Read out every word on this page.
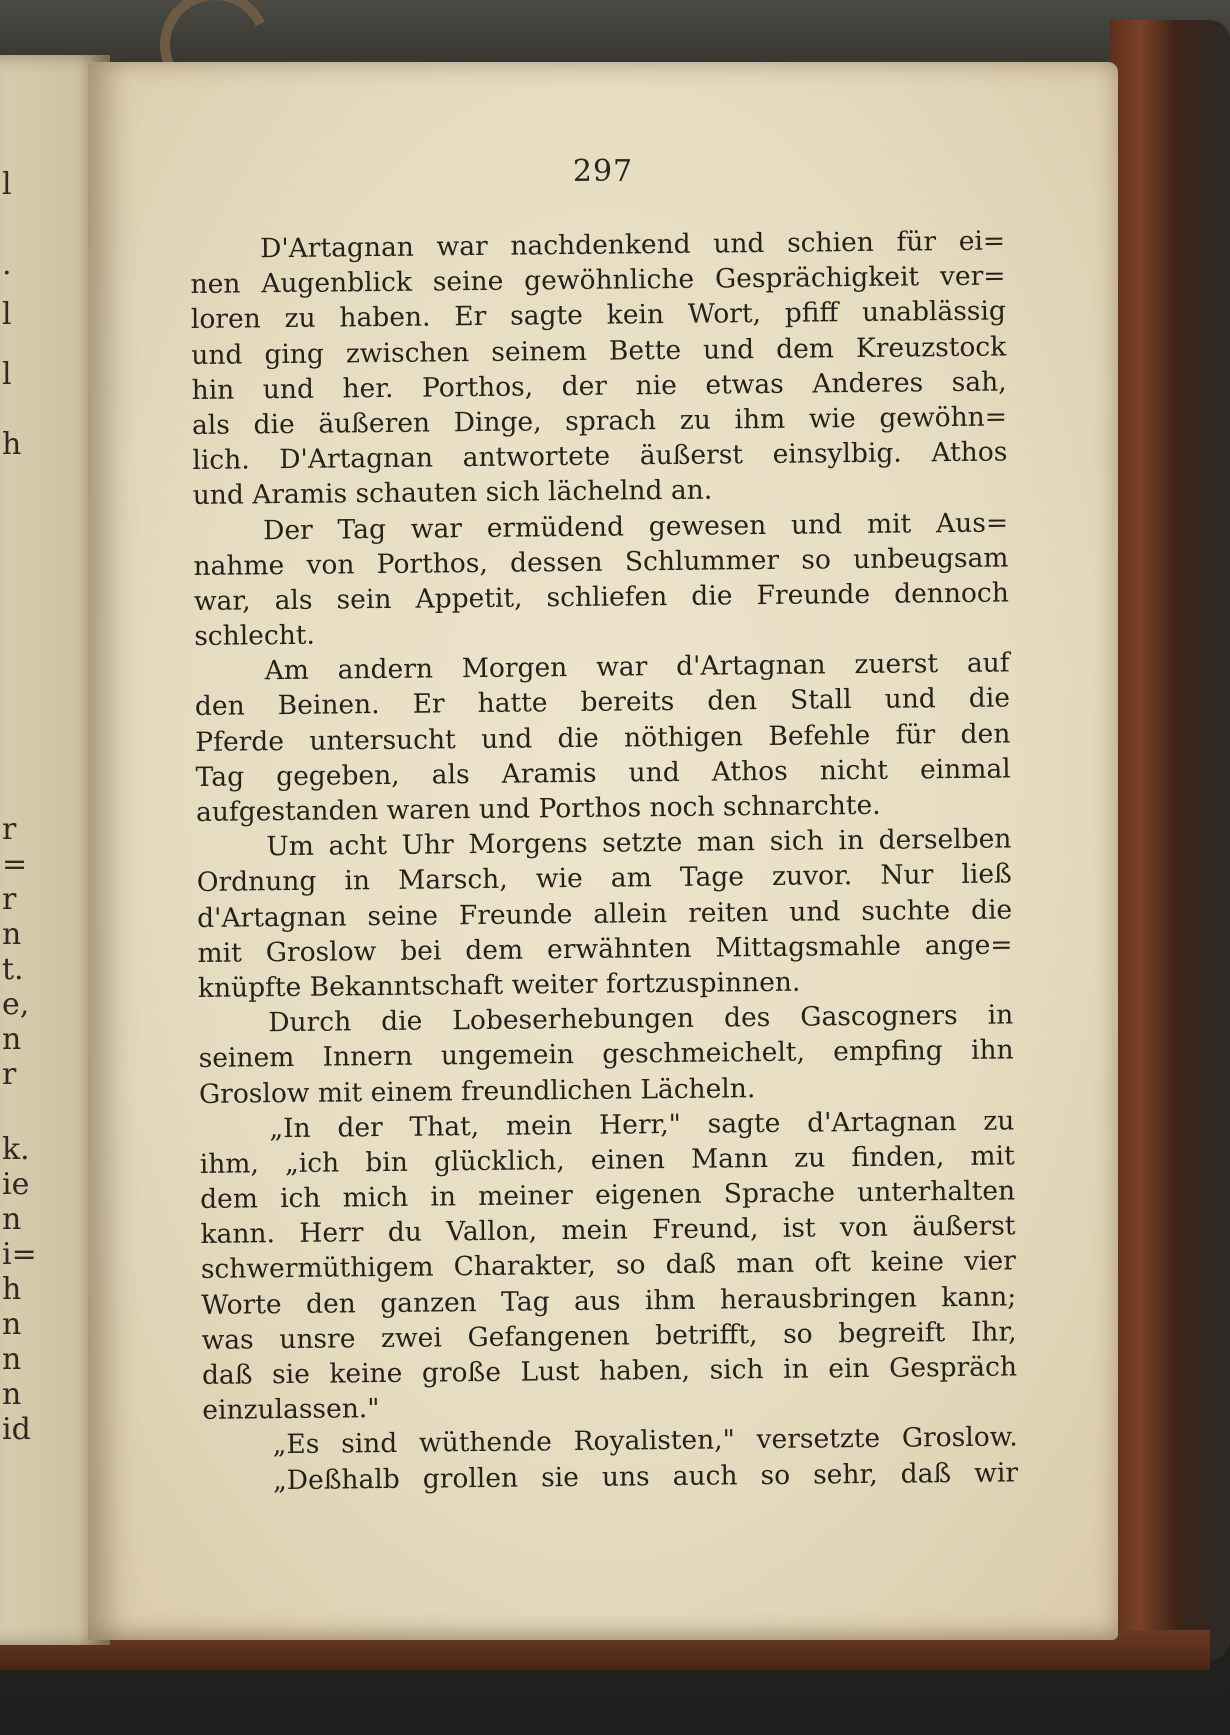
l
.
l
l
h
r
=
r
n
t.
e,
n
r
k.
ie
n
i=
h
n
n
n
id
297
D'Artagnan war nachdenkend und schien für ei=
nen Augenblick seine gewöhnliche Gesprächigkeit ver=
loren zu haben. Er sagte kein Wort, pfiff unablässig
und ging zwischen seinem Bette und dem Kreuzstock
hin und her. Porthos, der nie etwas Anderes sah,
als die äußeren Dinge, sprach zu ihm wie gewöhn=
lich. D'Artagnan antwortete äußerst einsylbig. Athos
und Aramis schauten sich lächelnd an.
Der Tag war ermüdend gewesen und mit Aus=
nahme von Porthos, dessen Schlummer so unbeugsam
war, als sein Appetit, schliefen die Freunde dennoch
schlecht.
Am andern Morgen war d'Artagnan zuerst auf
den Beinen. Er hatte bereits den Stall und die
Pferde untersucht und die nöthigen Befehle für den
Tag gegeben, als Aramis und Athos nicht einmal
aufgestanden waren und Porthos noch schnarchte.
Um acht Uhr Morgens setzte man sich in derselben
Ordnung in Marsch, wie am Tage zuvor. Nur ließ
d'Artagnan seine Freunde allein reiten und suchte die
mit Groslow bei dem erwähnten Mittagsmahle ange=
knüpfte Bekanntschaft weiter fortzuspinnen.
Durch die Lobeserhebungen des Gascogners in
seinem Innern ungemein geschmeichelt, empfing ihn
Groslow mit einem freundlichen Lächeln.
„In der That, mein Herr," sagte d'Artagnan zu
ihm, „ich bin glücklich, einen Mann zu finden, mit
dem ich mich in meiner eigenen Sprache unterhalten
kann. Herr du Vallon, mein Freund, ist von äußerst
schwermüthigem Charakter, so daß man oft keine vier
Worte den ganzen Tag aus ihm herausbringen kann;
was unsre zwei Gefangenen betrifft, so begreift Ihr,
daß sie keine große Lust haben, sich in ein Gespräch
einzulassen."
„Es sind wüthende Royalisten," versetzte Groslow.
„Deßhalb grollen sie uns auch so sehr, daß wir
